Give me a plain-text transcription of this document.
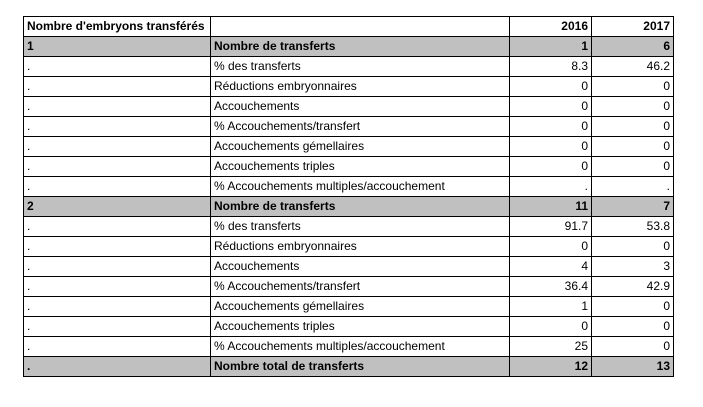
Nombre d'embryons transférés		2016	2017
1	Nombre de transferts	1	6
.	% des transferts	8.3	46.2
.	Réductions embryonnaires	0	0
.	Accouchements	0	0
.	% Accouchements/transfert	0	0
.	Accouchements gémellaires	0	0
.	Accouchements triples	0	0
.	% Accouchements multiples/accouchement	.	.
2	Nombre de transferts	11	7
.	% des transferts	91.7	53.8
.	Réductions embryonnaires	0	0
.	Accouchements	4	3
.	% Accouchements/transfert	36.4	42.9
.	Accouchements gémellaires	1	0
.	Accouchements triples	0	0
.	% Accouchements multiples/accouchement	25	0
.	Nombre total de transferts	12	13
